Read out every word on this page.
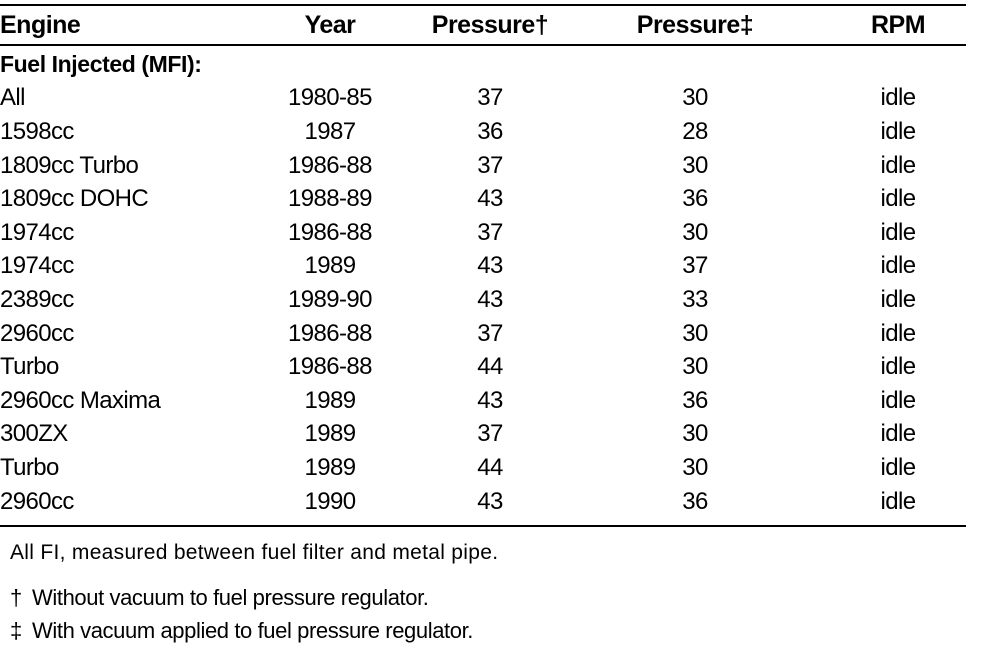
Engine	Year	Pressure†	Pressure‡	RPM
Fuel Injected (MFI):				
All	1980-85	37	30	idle
1598cc	1987	36	28	idle
1809cc Turbo	1986-88	37	30	idle
1809cc DOHC	1988-89	43	36	idle
1974cc	1986-88	37	30	idle
1974cc	1989	43	37	idle
2389cc	1989-90	43	33	idle
2960cc	1986-88	37	30	idle
Turbo	1986-88	44	30	idle
2960cc Maxima	1989	43	36	idle
300ZX	1989	37	30	idle
Turbo	1989	44	30	idle
2960cc	1990	43	36	idle

All FI, measured between fuel filter and metal pipe.

† Without vacuum to fuel pressure regulator.

‡ With vacuum applied to fuel pressure regulator.
